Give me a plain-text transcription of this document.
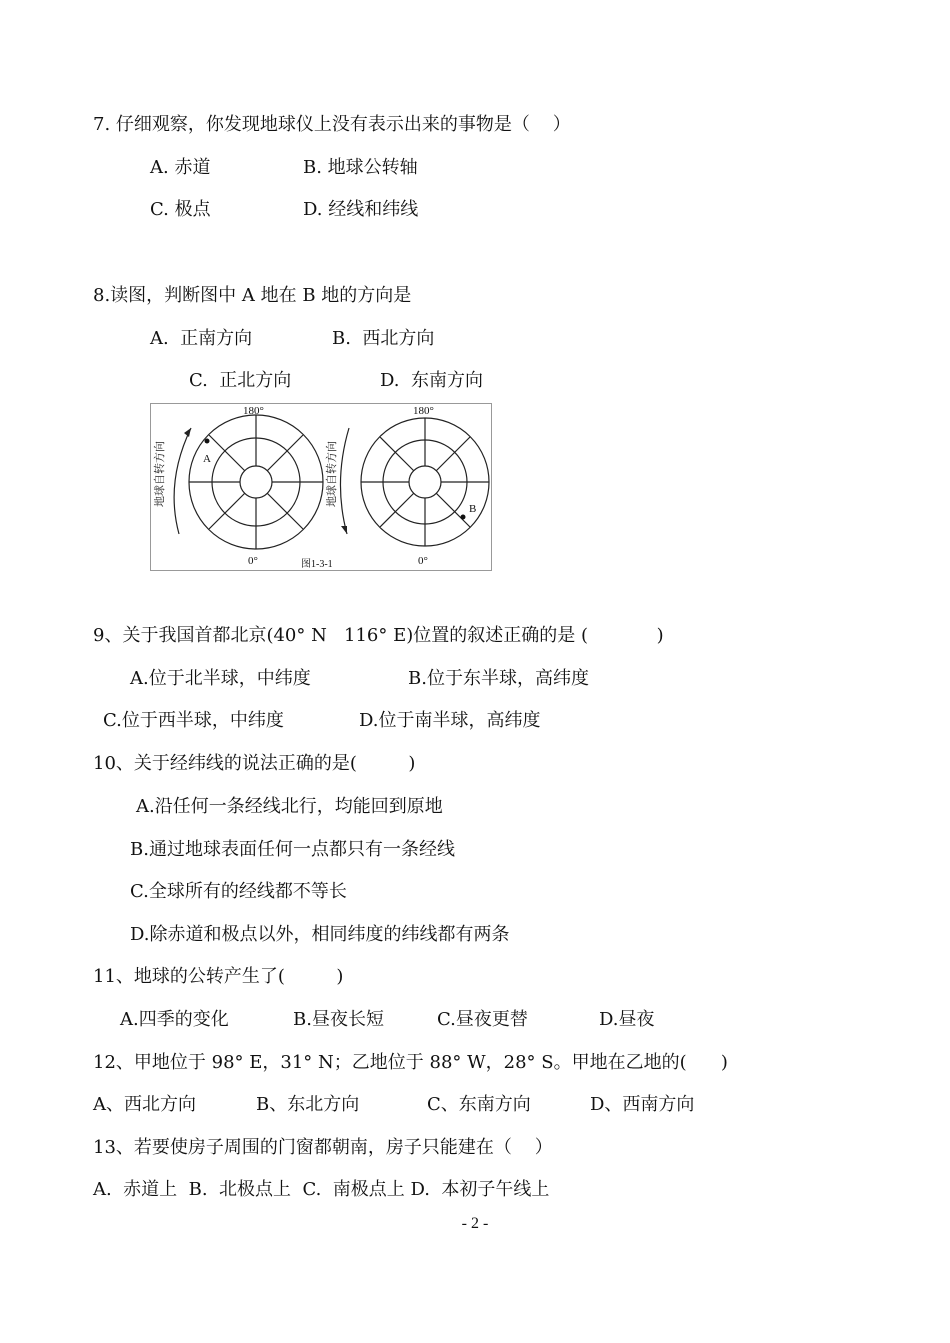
7. 仔细观察，你发现地球仪上没有表示出来的事物是（    ）
A. 赤道	B. 地球公转轴
C. 极点	D. 经线和纬线
8.读图，判断图中 A 地在 B 地的方向是
A.  正南方向	B.  西北方向
C.  正北方向	D.  东南方向
A
180°
0°
地球自转方向
B
180°
0°
地球自转方向
图1-3-1
9、关于我国首都北京(40° N   116° E)位置的叙述正确的是 (            )
A.位于北半球，中纬度	B.位于东半球，高纬度
C.位于西半球，中纬度	D.位于南半球，高纬度
10、关于经纬线的说法正确的是(         )
A.沿任何一条经线北行，均能回到原地
B.通过地球表面任何一点都只有一条经线
C.全球所有的经线都不等长
D.除赤道和极点以外，相同纬度的纬线都有两条
11、地球的公转产生了(         )
A.四季的变化	B.昼夜长短	C.昼夜更替	D.昼夜
12、甲地位于 98° E，31° N；乙地位于 88° W，28° S。甲地在乙地的(      )
A、西北方向	B、东北方向	C、东南方向	D、西南方向
13、若要使房子周围的门窗都朝南，房子只能建在（    ）
A.  赤道上  B.  北极点上  C.  南极点上 D.  本初子午线上
- 2 -
